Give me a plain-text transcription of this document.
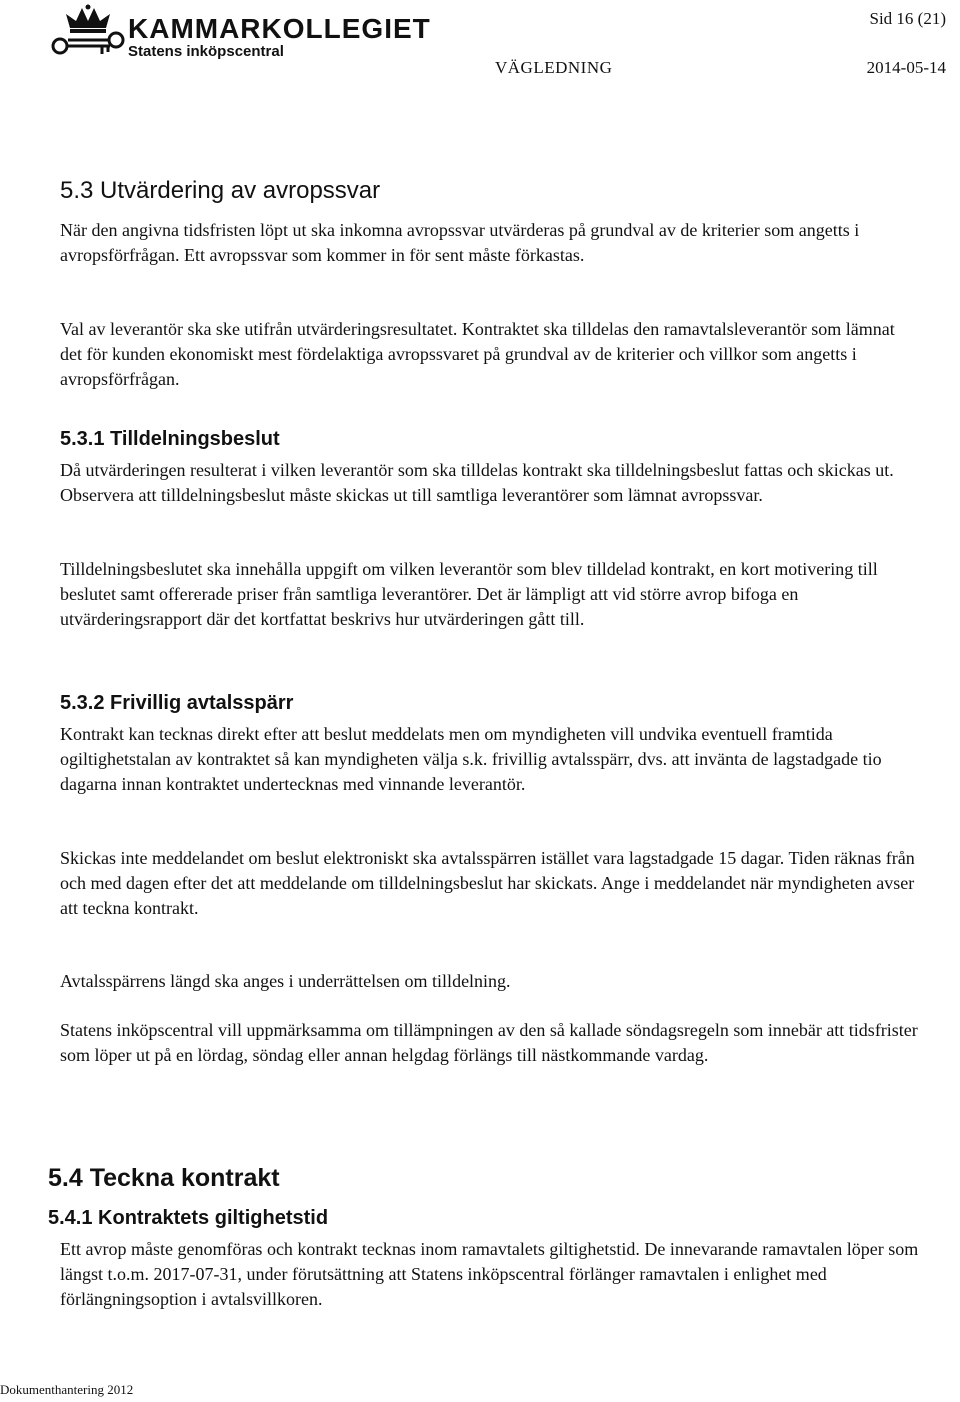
KAMMARKOLLEGIET
Statens inköpscentral
Sid 16 (21)
VÄGLEDNING	2014-05-14
5.3 Utvärdering av avropssvar

När den angivna tidsfristen löpt ut ska inkomna avropssvar utvärderas på grundval av de kriterier som angetts i avropsförfrågan. Ett avropssvar som kommer in för sent måste förkastas.

Val av leverantör ska ske utifrån utvärderingsresultatet. Kontraktet ska tilldelas den ramavtalsleverantör som lämnat det för kunden ekonomiskt mest fördelaktiga avropssvaret på grundval av de kriterier och villkor som angetts i avropsförfrågan.

5.3.1 Tilldelningsbeslut

Då utvärderingen resulterat i vilken leverantör som ska tilldelas kontrakt ska tilldelningsbeslut fattas och skickas ut. Observera att tilldelningsbeslut måste skickas ut till samtliga leverantörer som lämnat avropssvar.

Tilldelningsbeslutet ska innehålla uppgift om vilken leverantör som blev tilldelad kontrakt, en kort motivering till beslutet samt offererade priser från samtliga leverantörer. Det är lämpligt att vid större avrop bifoga en utvärderingsrapport där det kortfattat beskrivs hur utvärderingen gått till.

5.3.2 Frivillig avtalsspärr

Kontrakt kan tecknas direkt efter att beslut meddelats men om myndigheten vill undvika eventuell framtida ogiltighetstalan av kontraktet så kan myndigheten välja s.k. frivillig avtalsspärr, dvs. att invänta de lagstadgade tio dagarna innan kontraktet undertecknas med vinnande leverantör.

Skickas inte meddelandet om beslut elektroniskt ska avtalsspärren istället vara lagstadgade 15 dagar. Tiden räknas från och med dagen efter det att meddelande om tilldelningsbeslut har skickats. Ange i meddelandet när myndigheten avser att teckna kontrakt.

Avtalsspärrens längd ska anges i underrättelsen om tilldelning.

Statens inköpscentral vill uppmärksamma om tillämpningen av den så kallade söndagsregeln som innebär att tidsfrister som löper ut på en lördag, söndag eller annan helgdag förlängs till nästkommande vardag.

5.4 Teckna kontrakt
5.4.1 Kontraktets giltighetstid

Ett avrop måste genomföras och kontrakt tecknas inom ramavtalets giltighetstid. De innevarande ramavtalen löper som längst t.o.m. 2017-07-31, under förutsättning att Statens inköpscentral förlänger ramavtalen i enlighet med förlängningsoption i avtalsvillkoren.

Dokumenthantering 2012
